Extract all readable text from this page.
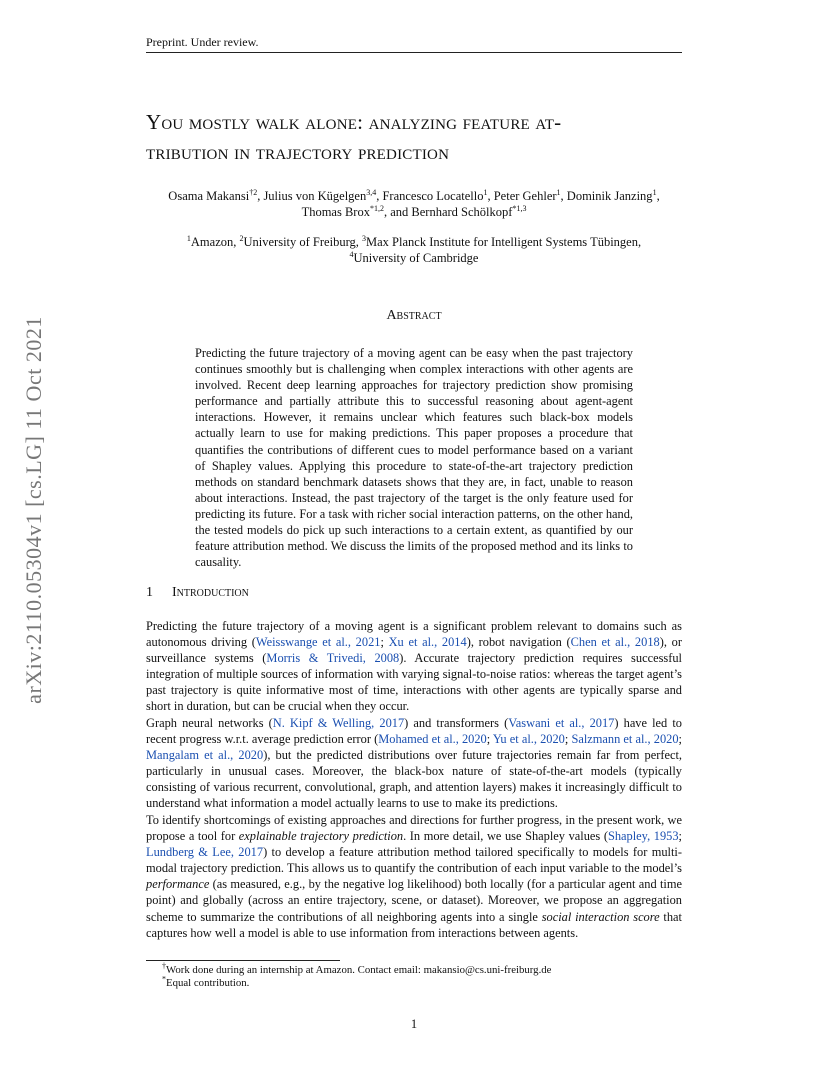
Preprint. Under review.
arXiv:2110.05304v1 [cs.LG] 11 Oct 2021
You mostly walk alone: analyzing feature at-
tribution in trajectory prediction
Osama Makansi$^{\dagger 2}$, Julius von Kügelgen$^{3,4}$, Francesco Locatello$^1$, Peter Gehler$^1$, Dominik Janzing$^1$,
Thomas Brox$^{*1,2}$, and Bernhard Schölkopf$^{*1,3}$
$^1$Amazon, $^2$University of Freiburg, $^3$Max Planck Institute for Intelligent Systems Tübingen,
$^4$University of Cambridge
Abstract
Predicting the future trajectory of a moving agent can be easy when the past trajectory continues smoothly but is challenging when complex interactions with other agents are involved. Recent deep learning approaches for trajectory prediction show promising performance and partially attribute this to successful reasoning about agent-agent interactions. However, it remains unclear which features such black-box models actually learn to use for making predictions. This paper proposes a procedure that quantifies the contributions of different cues to model performance based on a variant of Shapley values. Applying this procedure to state-of-the-art trajectory prediction methods on standard benchmark datasets shows that they are, in fact, unable to reason about interactions. Instead, the past trajectory of the target is the only feature used for predicting its future. For a task with richer social interaction patterns, on the other hand, the tested models do pick up such interactions to a certain extent, as quantified by our feature attribution method. We discuss the limits of the proposed method and its links to causality.
1 Introduction
Predicting the future trajectory of a moving agent is a significant problem relevant to domains such as autonomous driving (Weisswange et al., 2021; Xu et al., 2014), robot navigation (Chen et al., 2018), or surveillance systems (Morris & Trivedi, 2008). Accurate trajectory prediction requires successful integration of multiple sources of information with varying signal-to-noise ratios: whereas the target agent’s past trajectory is quite informative most of time, interactions with other agents are typically sparse and short in duration, but can be crucial when they occur.
Graph neural networks (N. Kipf & Welling, 2017) and transformers (Vaswani et al., 2017) have led to recent progress w.r.t. average prediction error (Mohamed et al., 2020; Yu et al., 2020; Salzmann et al., 2020; Mangalam et al., 2020), but the predicted distributions over future trajectories remain far from perfect, particularly in unusual cases. Moreover, the black-box nature of state-of-the-art models (typically consisting of various recurrent, convolutional, graph, and attention layers) makes it increasingly difficult to understand what information a model actually learns to use to make its predictions.
To identify shortcomings of existing approaches and directions for further progress, in the present work, we propose a tool for explainable trajectory prediction. In more detail, we use Shapley values (Shapley, 1953; Lundberg & Lee, 2017) to develop a feature attribution method tailored specifically to models for multi-modal trajectory prediction. This allows us to quantify the contribution of each input variable to the model’s performance (as measured, e.g., by the negative log likelihood) both locally (for a particular agent and time point) and globally (across an entire trajectory, scene, or dataset). Moreover, we propose an aggregation scheme to summarize the contributions of all neighboring agents into a single social interaction score that captures how well a model is able to use information from interactions between agents.
†Work done during an internship at Amazon. Contact email: makansio@cs.uni-freiburg.de
*Equal contribution.
1
